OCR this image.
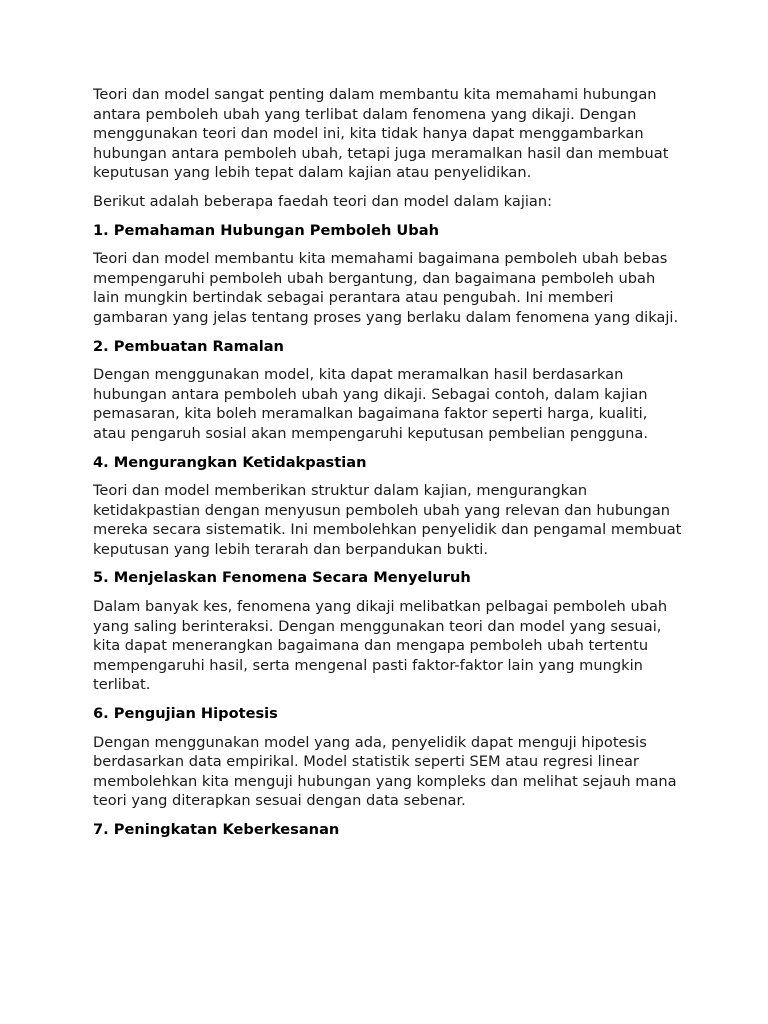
Teori dan model sangat penting dalam membantu kita memahami hubungan antara pemboleh ubah yang terlibat dalam fenomena yang dikaji. Dengan menggunakan teori dan model ini, kita tidak hanya dapat menggambarkan hubungan antara pemboleh ubah, tetapi juga meramalkan hasil dan membuat keputusan yang lebih tepat dalam kajian atau penyelidikan.

Berikut adalah beberapa faedah teori dan model dalam kajian:

1. Pemahaman Hubungan Pemboleh Ubah

Teori dan model membantu kita memahami bagaimana pemboleh ubah bebas mempengaruhi pemboleh ubah bergantung, dan bagaimana pemboleh ubah lain mungkin bertindak sebagai perantara atau pengubah. Ini memberi gambaran yang jelas tentang proses yang berlaku dalam fenomena yang dikaji.

2. Pembuatan Ramalan

Dengan menggunakan model, kita dapat meramalkan hasil berdasarkan hubungan antara pemboleh ubah yang dikaji. Sebagai contoh, dalam kajian pemasaran, kita boleh meramalkan bagaimana faktor seperti harga, kualiti, atau pengaruh sosial akan mempengaruhi keputusan pembelian pengguna.

4. Mengurangkan Ketidakpastian

Teori dan model memberikan struktur dalam kajian, mengurangkan ketidakpastian dengan menyusun pemboleh ubah yang relevan dan hubungan mereka secara sistematik. Ini membolehkan penyelidik dan pengamal membuat keputusan yang lebih terarah dan berpandukan bukti.

5. Menjelaskan Fenomena Secara Menyeluruh

Dalam banyak kes, fenomena yang dikaji melibatkan pelbagai pemboleh ubah yang saling berinteraksi. Dengan menggunakan teori dan model yang sesuai, kita dapat menerangkan bagaimana dan mengapa pemboleh ubah tertentu mempengaruhi hasil, serta mengenal pasti faktor-faktor lain yang mungkin terlibat.

6. Pengujian Hipotesis

Dengan menggunakan model yang ada, penyelidik dapat menguji hipotesis berdasarkan data empirikal. Model statistik seperti SEM atau regresi linear membolehkan kita menguji hubungan yang kompleks dan melihat sejauh mana teori yang diterapkan sesuai dengan data sebenar.

7. Peningkatan Keberkesanan
